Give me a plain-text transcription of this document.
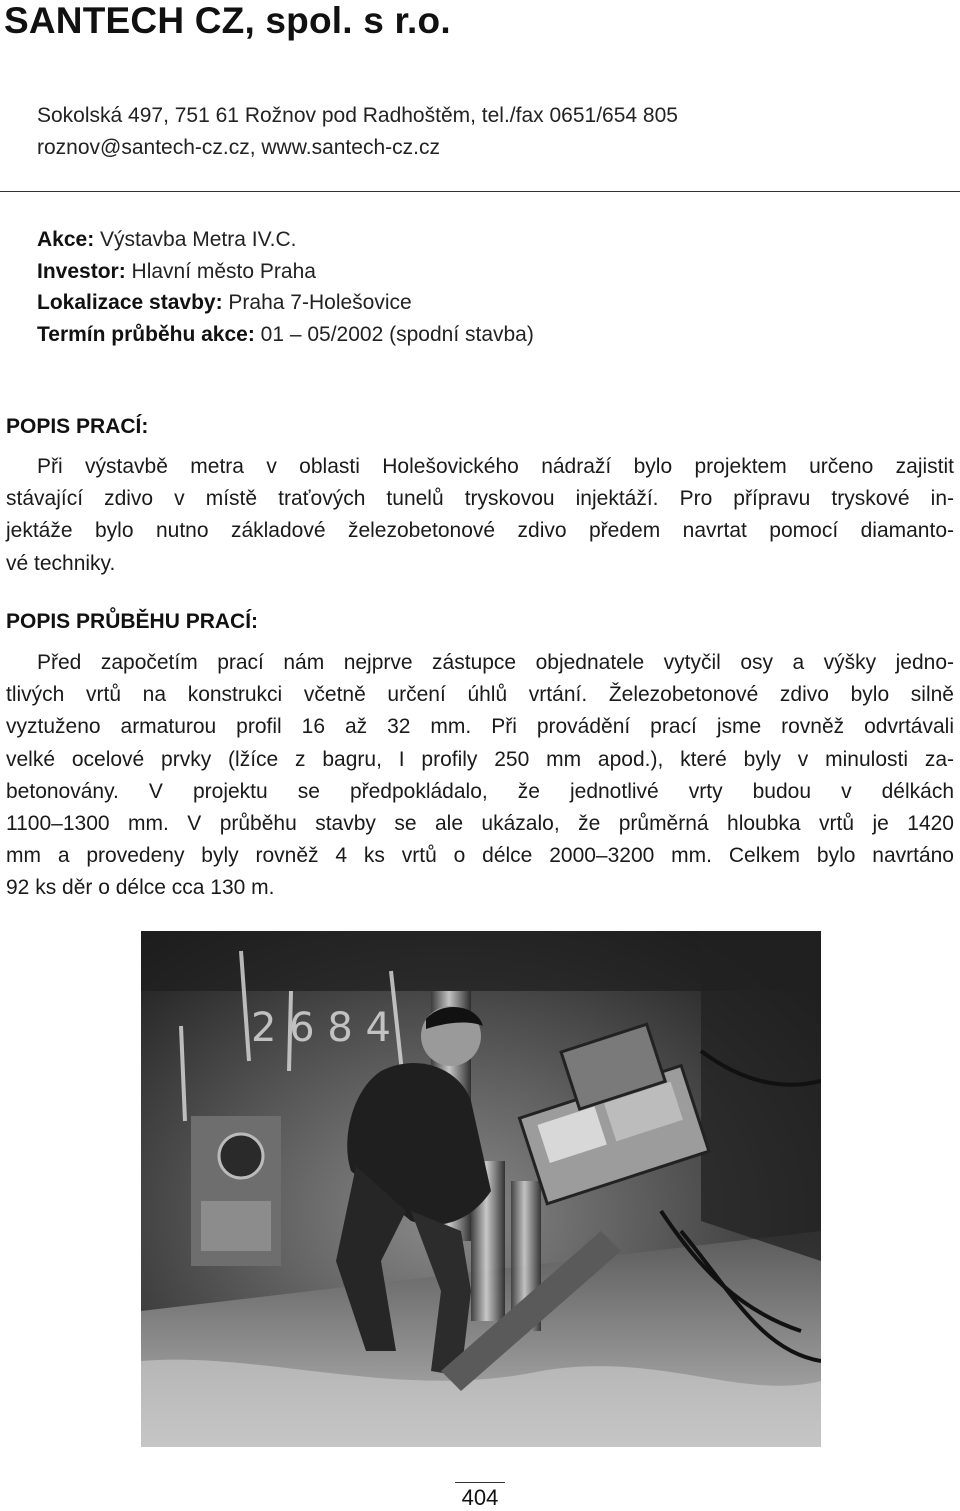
SANTECH CZ, spol. s r.o.
Sokolská 497, 751 61 Rožnov pod Radhoštěm, tel./fax 0651/654 805
roznov@santech-cz.cz, www.santech-cz.cz
Akce: Výstavba Metra IV.C.
Investor: Hlavní město Praha
Lokalizace stavby: Praha 7-Holešovice
Termín průběhu akce: 01 – 05/2002 (spodní stavba)
POPIS PRACÍ:

Při výstavbě metra v oblasti Holešovického nádraží bylo projektem určeno zajistit
stávající zdivo v místě traťových tunelů tryskovou injektáží. Pro přípravu tryskové in-
jektáže bylo nutno základové železobetonové zdivo předem navrtat pomocí diamanto-
vé techniky.

POPIS PRŮBĚHU PRACÍ:

Před započetím prací nám nejprve zástupce objednatele vytyčil osy a výšky jedno-
tlivých vrtů na konstrukci včetně určení úhlů vrtání. Železobetonové zdivo bylo silně
vyztuženo armaturou profil 16 až 32 mm. Při provádění prací jsme rovněž odvrtávali
velké ocelové prvky (lžíce z bagru, I profily 250 mm apod.), které byly v minulosti za-
betonovány. V projektu se předpokládalo, že jednotlivé vrty budou v délkách
1100–1300 mm. V průběhu stavby se ale ukázalo, že průměrná hloubka vrtů je 1420
mm a provedeny byly rovněž 4 ks vrtů o délce 2000–3200 mm. Celkem bylo navrtáno
92 ks děr o délce cca 130 m.

2 6 8 4
404
